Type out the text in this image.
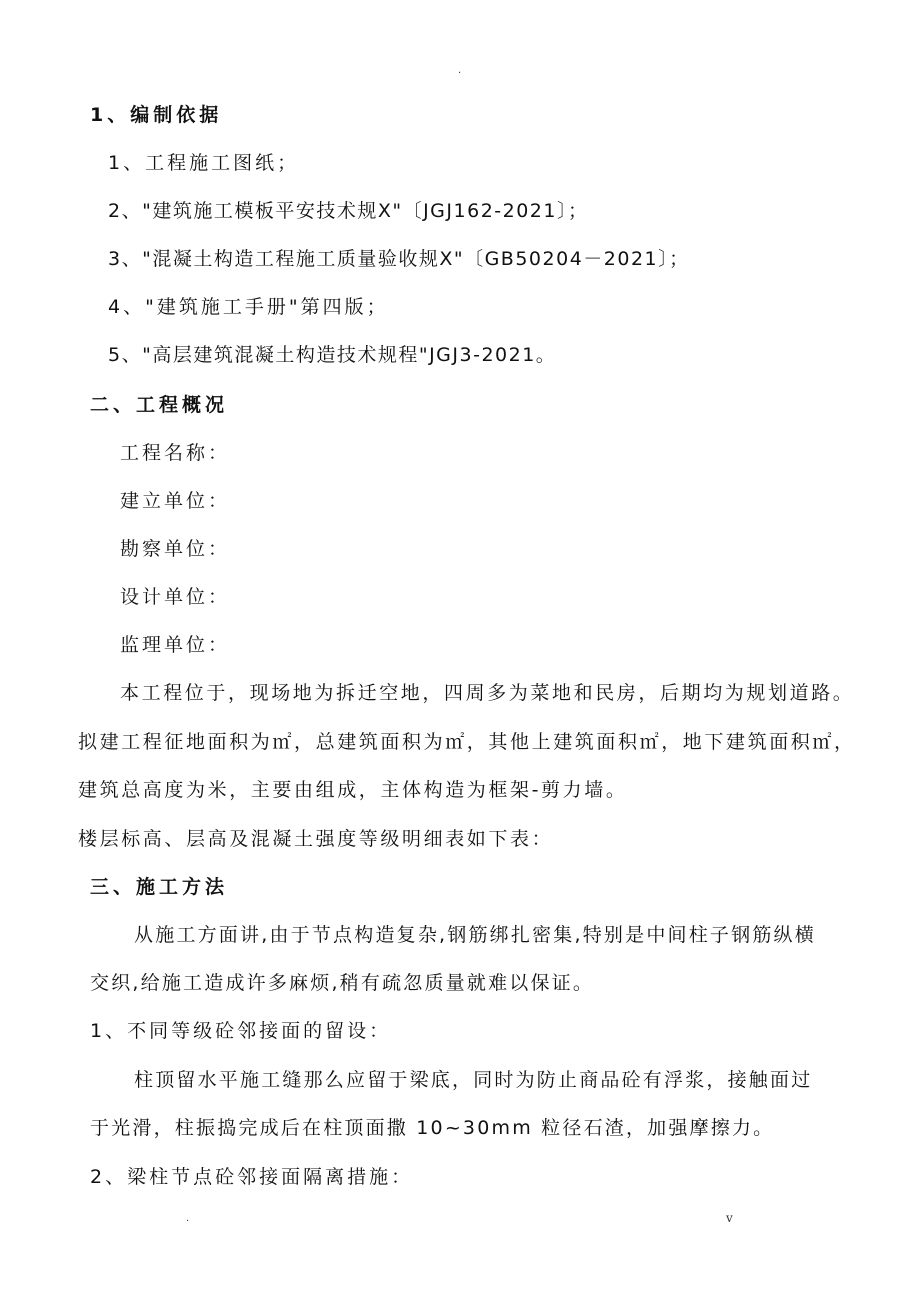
.
1、编制依据
1、工程施工图纸；
2、"建筑施工模板平安技术规X"〔JGJ162-2021〕；
3、"混凝土构造工程施工质量验收规X"〔GB50204－2021〕；
4、"建筑施工手册"第四版；
5、"高层建筑混凝土构造技术规程"JGJ3-2021。
二、工程概况
工程名称：
建立单位：
勘察单位：
设计单位：
监理单位：
本工程位于，现场地为拆迁空地，四周多为菜地和民房，后期均为规划道路。
拟建工程征地面积为㎡，总建筑面积为㎡，其他上建筑面积㎡，地下建筑面积㎡，
建筑总高度为米，主要由组成，主体构造为框架-剪力墙。
楼层标高、层高及混凝土强度等级明细表如下表：
三、施工方法
从施工方面讲,由于节点构造复杂,钢筋绑扎密集,特别是中间柱子钢筋纵横
交织,给施工造成许多麻烦,稍有疏忽质量就难以保证。
1、不同等级砼邻接面的留设：
柱顶留水平施工缝那么应留于梁底，同时为防止商品砼有浮浆，接触面过
于光滑，柱振捣完成后在柱顶面撒 10~30mm 粒径石渣，加强摩擦力。
2、梁柱节点砼邻接面隔离措施：
.	v
